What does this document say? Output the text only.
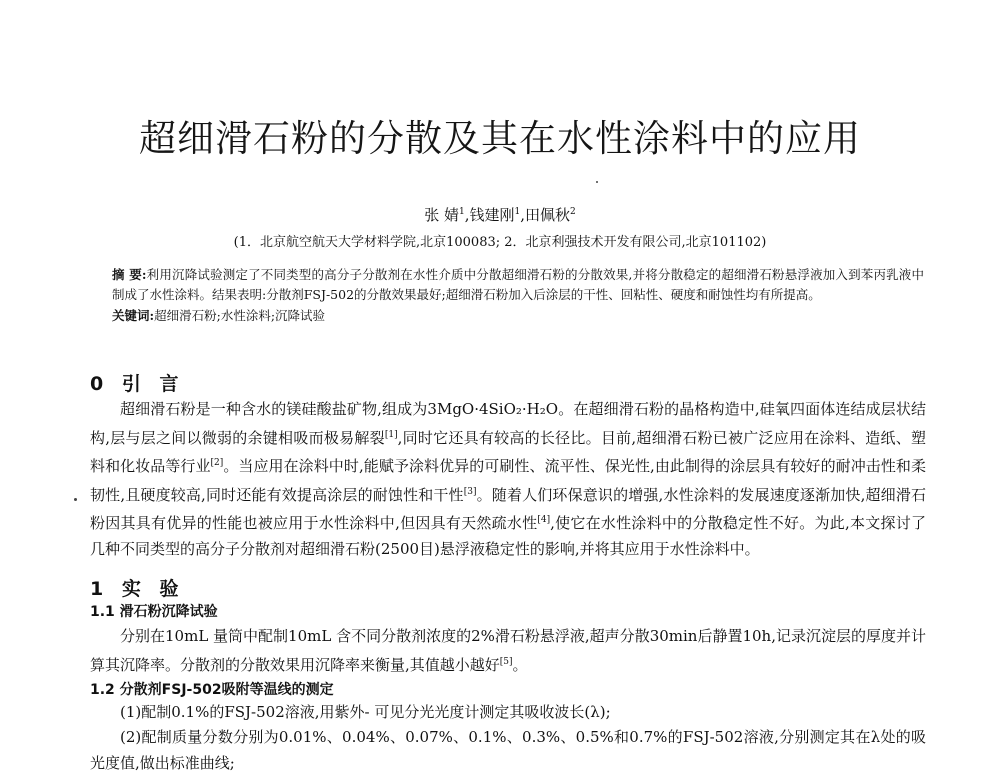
超细滑石粉的分散及其在水性涂料中的应用
张 婧$^1$,钱建刚$^1$,田佩秋$^2$
(1．北京航空航天大学材料学院,北京100083; 2．北京利强技术开发有限公司,北京101102)

摘 要:利用沉降试验测定了不同类型的高分子分散剂在水性介质中分散超细滑石粉的分散效果,并将分散稳定的超细滑石粉悬浮液加入到苯丙乳液中制成了水性涂料。结果表明:分散剂FSJ-502的分散效果最好;超细滑石粉加入后涂层的干性、回粘性、硬度和耐蚀性均有所提高。

关键词:超细滑石粉;水性涂料;沉降试验

0 引 言

超细滑石粉是一种含水的镁硅酸盐矿物,组成为3MgO·4SiO₂·H₂O。在超细滑石粉的晶格构造中,硅氧四面体连结成层状结构,层与层之间以微弱的余键相吸而极易解裂[1],同时它还具有较高的长径比。目前,超细滑石粉已被广泛应用在涂料、造纸、塑料和化妆品等行业[2]。当应用在涂料中时,能赋予涂料优异的可刷性、流平性、保光性,由此制得的涂层具有较好的耐冲击性和柔韧性,且硬度较高,同时还能有效提高涂层的耐蚀性和干性[3]。随着人们环保意识的增强,水性涂料的发展速度逐渐加快,超细滑石粉因其具有优异的性能也被应用于水性涂料中,但因具有天然疏水性[4],使它在水性涂料中的分散稳定性不好。为此,本文探讨了几种不同类型的高分子分散剂对超细滑石粉(2500目)悬浮液稳定性的影响,并将其应用于水性涂料中。

1 实 验
1.1 滑石粉沉降试验

分别在10mL 量筒中配制10mL 含不同分散剂浓度的2%滑石粉悬浮液,超声分散30min后静置10h,记录沉淀层的厚度并计算其沉降率。分散剂的分散效果用沉降率来衡量,其值越小越好[5]。

1.2 分散剂FSJ-502吸附等温线的测定

(1)配制0.1%的FSJ-502溶液,用紫外- 可见分光光度计测定其吸收波长(λ);

(2)配制质量分数分别为0.01%、0.04%、0.07%、0.1%、0.3%、0.5%和0.7%的FSJ-502溶液,分别测定其在λ处的吸光度值,做出标准曲线;
